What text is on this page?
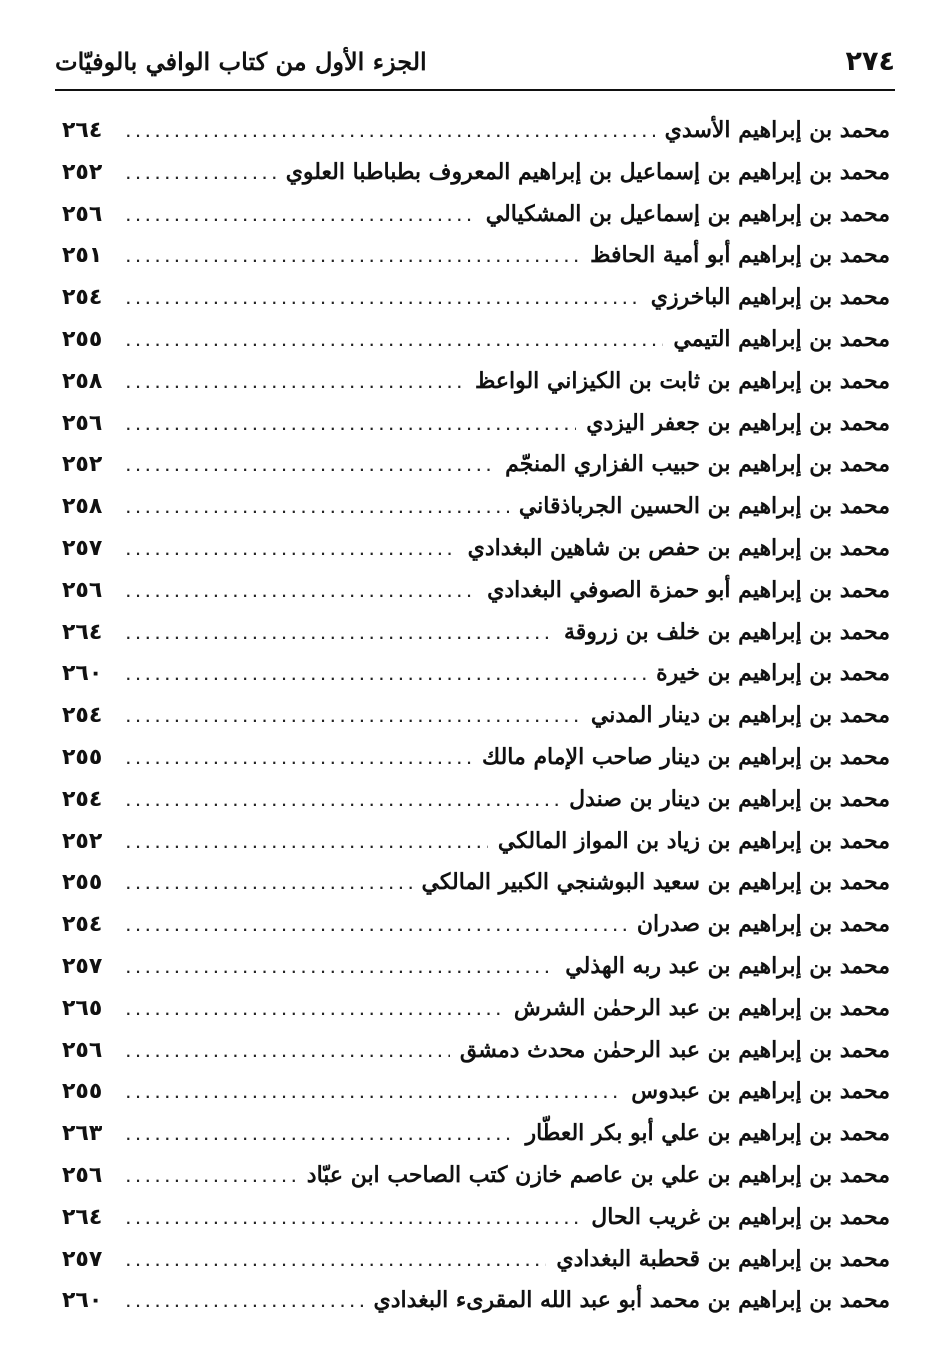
٢٧٤
الجزء الأول من كتاب الوافي بالوفيّات
محمد بن إبراهيم الأسدي
. . .
٢٦٤
محمد بن إبراهيم بن إسماعيل بن إبراهيم المعروف بطباطبا العلوي
. . .
٢٥٢
محمد بن إبراهيم بن إسماعيل بن المشكيالي
. . .
٢٥٦
محمد بن إبراهيم أبو أمية الحافظ
. . .
٢٥١
محمد بن إبراهيم الباخرزي
. . .
٢٥٤
محمد بن إبراهيم التيمي
. . .
٢٥٥
محمد بن إبراهيم بن ثابت بن الكيزاني الواعظ
. . .
٢٥٨
محمد بن إبراهيم بن جعفر اليزدي
. . .
٢٥٦
محمد بن إبراهيم بن حبيب الفزاري المنجّم
. . .
٢٥٢
محمد بن إبراهيم بن الحسين الجرباذقاني
. . .
٢٥٨
محمد بن إبراهيم بن حفص بن شاهين البغدادي
. . .
٢٥٧
محمد بن إبراهيم أبو حمزة الصوفي البغدادي
. . .
٢٥٦
محمد بن إبراهيم بن خلف بن زروقة
. . .
٢٦٤
محمد بن إبراهيم بن خيرة
. . .
٢٦٠
محمد بن إبراهيم بن دينار المدني
. . .
٢٥٤
محمد بن إبراهيم بن دينار صاحب الإمام مالك
. . .
٢٥٥
محمد بن إبراهيم بن دينار بن صندل
. . .
٢٥٤
محمد بن إبراهيم بن زياد بن المواز المالكي
. . .
٢٥٢
محمد بن إبراهيم بن سعيد البوشنجي الكبير المالكي
. . .
٢٥٥
محمد بن إبراهيم بن صدران
. . .
٢٥٤
محمد بن إبراهيم بن عبد ربه الهذلي
. . .
٢٥٧
محمد بن إبراهيم بن عبد الرحمٰن الشرش
. . .
٢٦٥
محمد بن إبراهيم بن عبد الرحمٰن محدث دمشق
. . .
٢٥٦
محمد بن إبراهيم بن عبدوس
. . .
٢٥٥
محمد بن إبراهيم بن علي أبو بكر العطّار
. . .
٢٦٣
محمد بن إبراهيم بن علي بن عاصم خازن كتب الصاحب ابن عبّاد
. . .
٢٥٦
محمد بن إبراهيم بن غريب الحال
. . .
٢٦٤
محمد بن إبراهيم بن قحطبة البغدادي
. . .
٢٥٧
محمد بن إبراهيم بن محمد أبو عبد الله المقرىء البغدادي
. . .
٢٦٠
